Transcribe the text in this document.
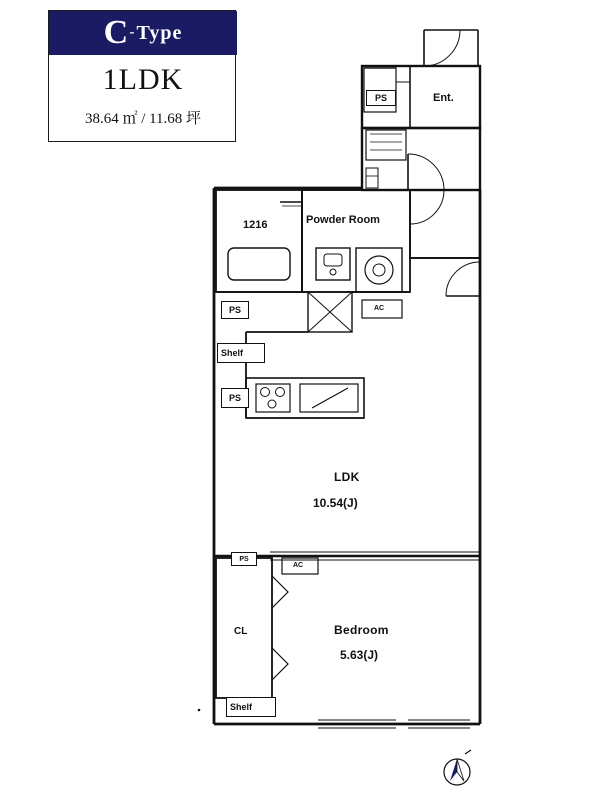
C - Type
1LDK
38.64 ㎡ / 11.68 坪
Ent.
PS
Powder Room
1216
PS
Shelf
PS
AC
LDK
10.54(J)
PS
AC
CL	Bedroom
5.63(J)
Shelf
